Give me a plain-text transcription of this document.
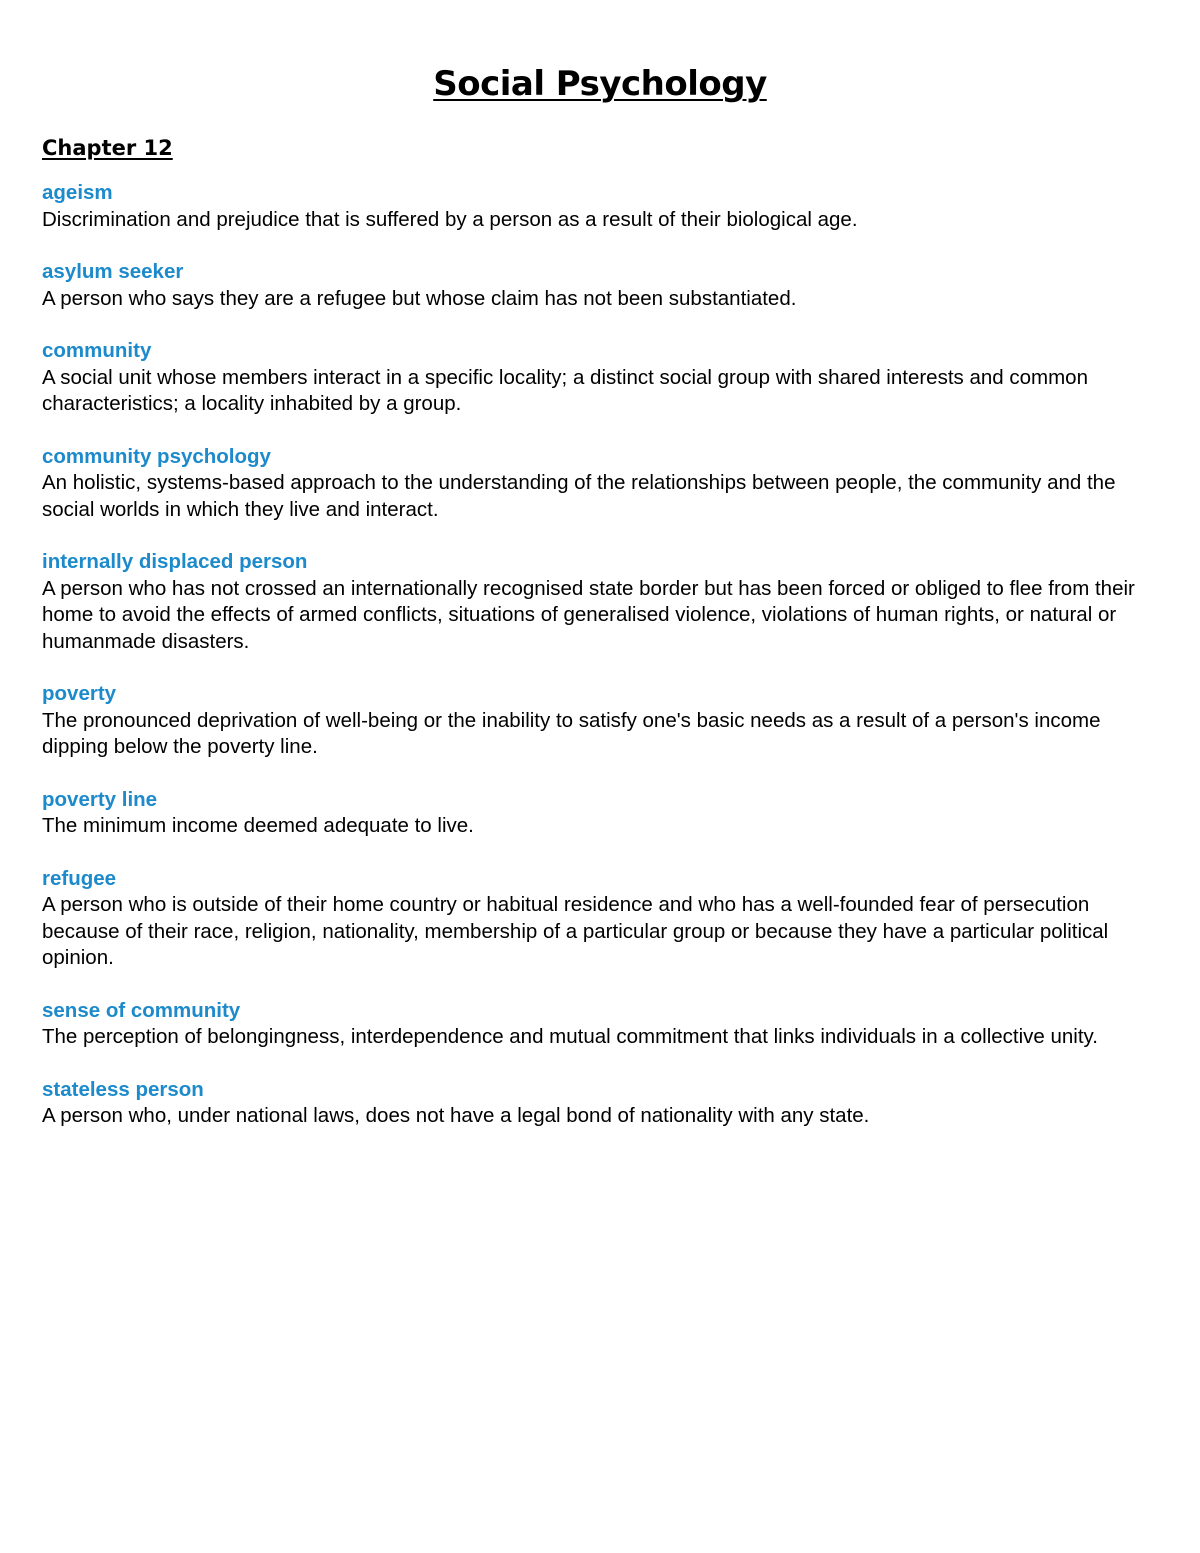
Social Psychology
Chapter 12
ageism
Discrimination and prejudice that is suffered by a person as a result of their biological age.
asylum seeker
A person who says they are a refugee but whose claim has not been substantiated.
community
A social unit whose members interact in a specific locality; a distinct social group with shared interests and common characteristics; a locality inhabited by a group.
community psychology
An holistic, systems-based approach to the understanding of the relationships between people, the community and the social worlds in which they live and interact.
internally displaced person
A person who has not crossed an internationally recognised state border but has been forced or obliged to flee from their home to avoid the effects of armed conflicts, situations of generalised violence, violations of human rights, or natural or humanmade disasters.
poverty
The pronounced deprivation of well-being or the inability to satisfy one's basic needs as a result of a person's income dipping below the poverty line.
poverty line
The minimum income deemed adequate to live.
refugee
A person who is outside of their home country or habitual residence and who has a well-founded fear of persecution because of their race, religion, nationality, membership of a particular group or because they have a particular political opinion.
sense of community
The perception of belongingness, interdependence and mutual commitment that links individuals in a collective unity.
stateless person
A person who, under national laws, does not have a legal bond of nationality with any state.
